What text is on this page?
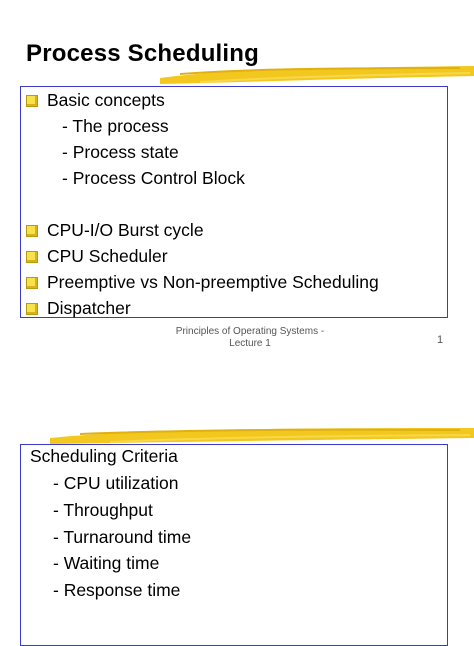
Process Scheduling
Basic concepts
- The process
- Process state
- Process Control Block
CPU-I/O Burst cycle
CPU Scheduler
Preemptive vs Non-preemptive Scheduling
Dispatcher
Principles of Operating Systems -
Lecture 1	1
Scheduling Criteria
- CPU utilization
- Throughput
- Turnaround time
- Waiting time
- Response time
